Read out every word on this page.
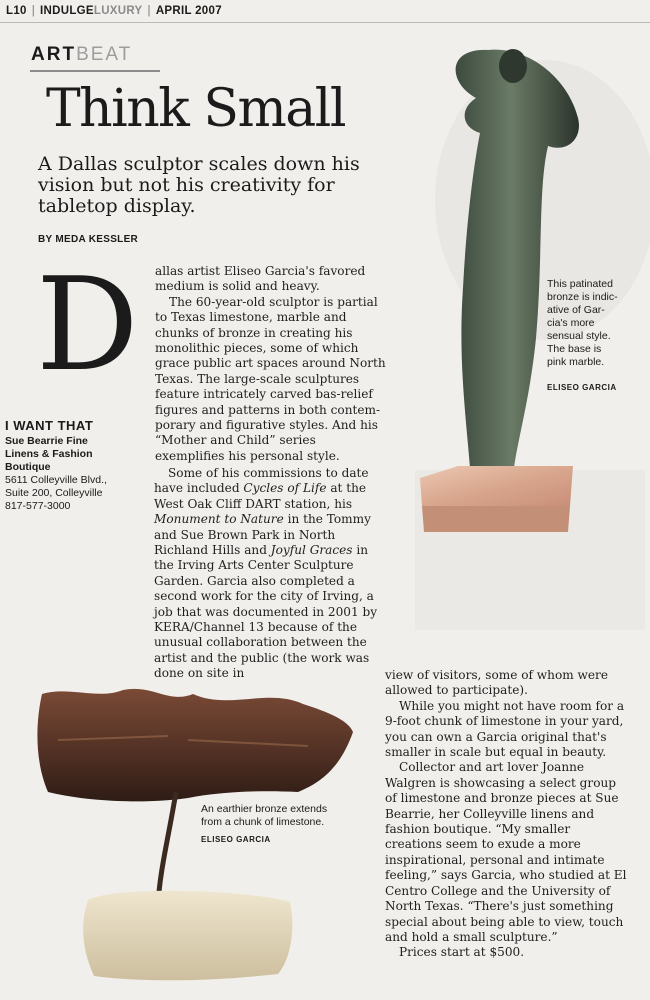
L10 | INDULGELUXURY | APRIL 2007
ARTBEAT
Think Small
A Dallas sculptor scales down his vision but not his creativity for tabletop display.
BY MEDA KESSLER
This patinated
bronze is indic-
ative of Gar-
cia's more
sensual style.
The base is
pink marble.
ELISEO GARCIA
D allas artist Eliseo Garcia's favored
medium is solid and heavy.
The 60-year-old sculptor is partial
to Texas limestone, marble and
chunks of bronze in creating his
monolithic pieces, some of which
grace public art spaces around North
Texas. The large-scale sculptures
feature intricately carved bas-relief
figures and patterns in both contem-
porary and figurative styles. And his
“Mother and Child” series exemplifies his personal style.
I WANT THAT
Sue Bearrie Fine
Linens & Fashion
Boutique
5611 Colleyville Blvd.,
Suite 200, Colleyville
817-577-3000

Some of his commissions to date have included Cycles of Life at the West Oak Cliff DART station, his Monument to Nature in the Tommy and Sue Brown Park in North Richland Hills and Joyful Graces in the Irving Arts Center Sculpture Garden. Garcia also completed a second work for the city of Irving, a job that was documented in 2001 by KERA/Channel 13 because of the unusual collaboration between the artist and the public (the work was done on site in

An earthier bronze extends
from a chunk of limestone.
ELISEO GARCIA

view of visitors, some of whom were allowed to participate).

While you might not have room for a 9-foot chunk of limestone in your yard, you can own a Garcia original that's smaller in scale but equal in beauty.

Collector and art lover Joanne Walgren is showcasing a select group of limestone and bronze pieces at Sue Bearrie, her Colleyville linens and fashion boutique. “My smaller creations seem to exude a more inspirational, personal and intimate feeling,” says Garcia, who studied at El Centro College and the University of North Texas. “There's just something special about being able to view, touch and hold a small sculpture.”

Prices start at $500.
